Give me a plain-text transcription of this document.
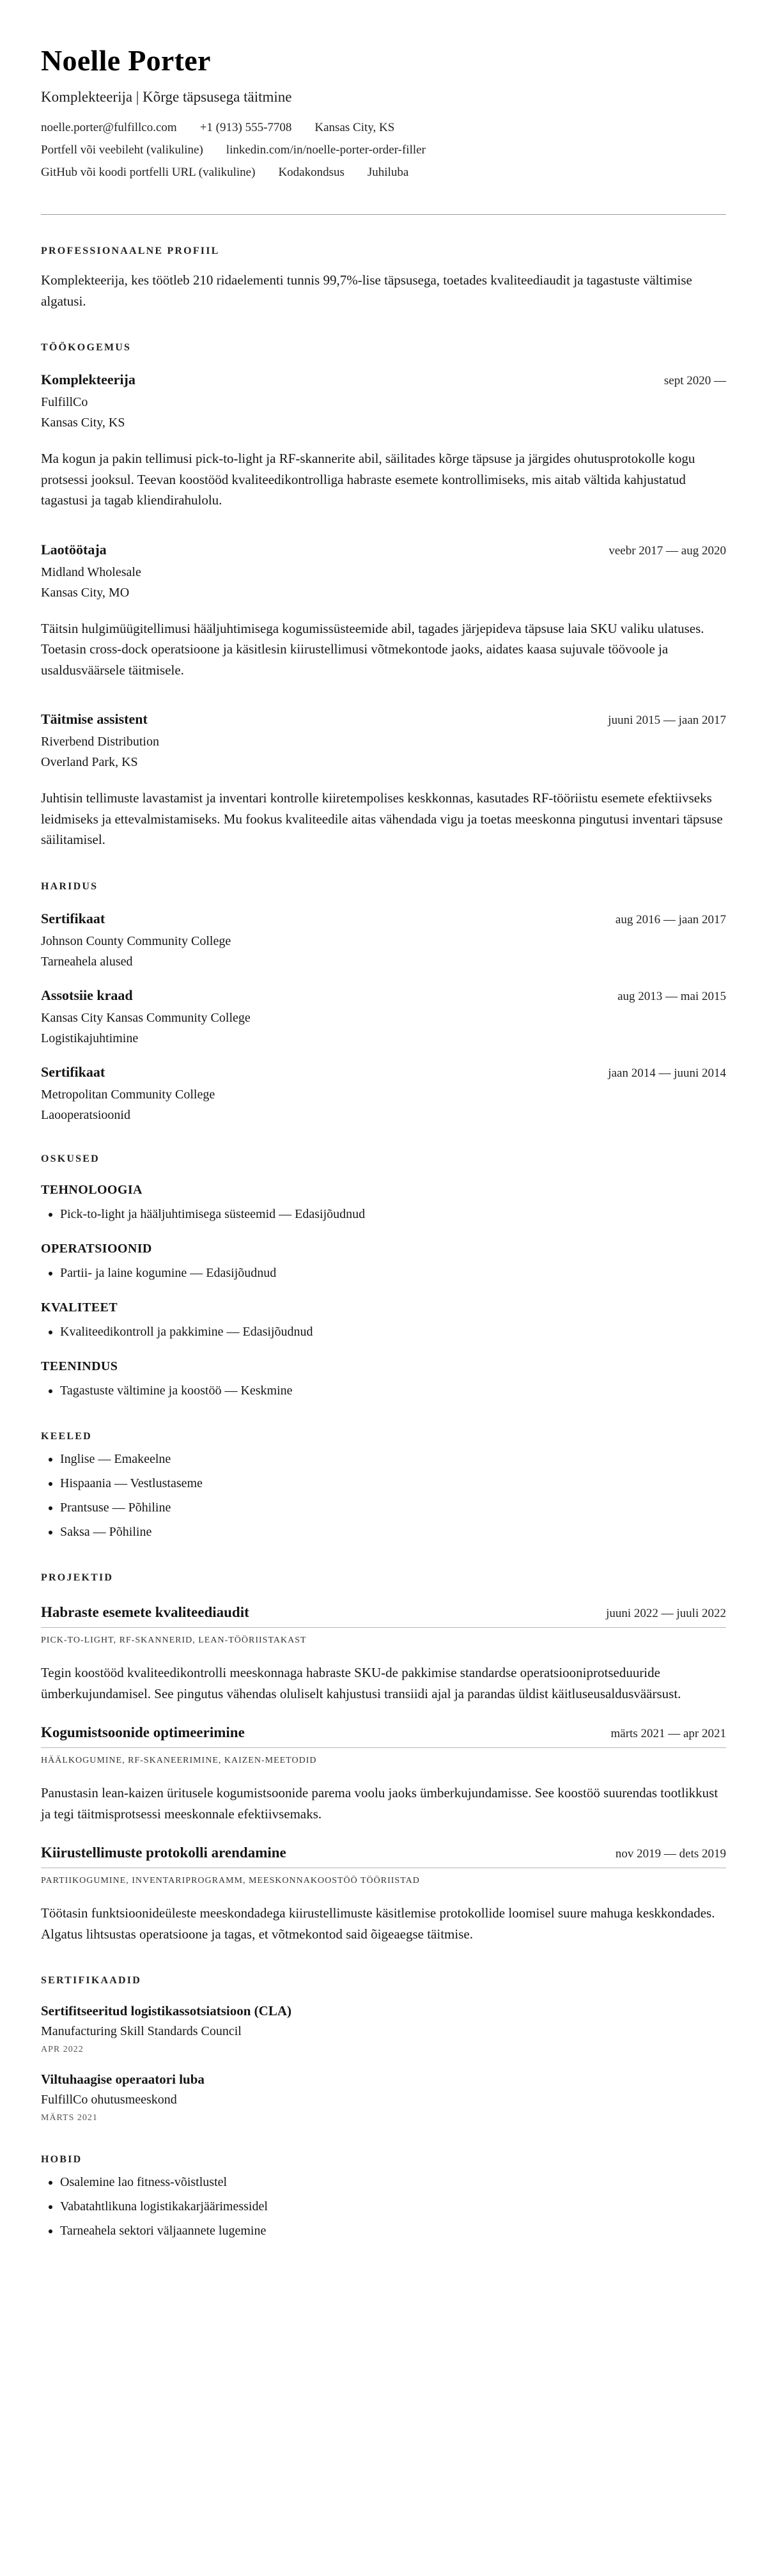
Noelle Porter
Komplekteerija | Kõrge täpsusega täitmine
noelle.porter@fulfillco.com +1 (913) 555-7708 Kansas City, KS
Portfell või veebileht (valikuline) linkedin.com/in/noelle-porter-order-filler
GitHub või koodi portfelli URL (valikuline) Kodakondsus Juhiluba
PROFESSIONAALNE PROFIIL

Komplekteerija, kes töötleb 210 ridaelementi tunnis 99,7%-lise täpsusega, toetades kvaliteediaudit ja tagastuste vältimise algatusi.

TÖÖKOGEMUS
Komplekteerija	sept 2020 —
FulfillCo
Kansas City, KS

Ma kogun ja pakin tellimusi pick-to-light ja RF-skannerite abil, säilitades kõrge täpsuse ja järgides ohutusprotokolle kogu protsessi jooksul. Teevan koostööd kvaliteedikontrolliga habraste esemete kontrollimiseks, mis aitab vältida kahjustatud tagastusi ja tagab kliendirahulolu.

Laotöötaja	veebr 2017 — aug 2020
Midland Wholesale
Kansas City, MO

Täitsin hulgimüügitellimusi hääljuhtimisega kogumissüsteemide abil, tagades järjepideva täpsuse laia SKU valiku ulatuses. Toetasin cross-dock operatsioone ja käsitlesin kiirustellimusi võtmekontode jaoks, aidates kaasa sujuvale töövoole ja usaldusväärsele täitmisele.

Täitmise assistent	juuni 2015 — jaan 2017
Riverbend Distribution
Overland Park, KS

Juhtisin tellimuste lavastamist ja inventari kontrolle kiiretempolises keskkonnas, kasutades RF-tööriistu esemete efektiivseks leidmiseks ja ettevalmistamiseks. Mu fookus kvaliteedile aitas vähendada vigu ja toetas meeskonna pingutusi inventari täpsuse säilitamisel.

HARIDUS
Sertifikaat	aug 2016 — jaan 2017
Johnson County Community College
Tarneahela alused
Assotsiie kraad	aug 2013 — mai 2015
Kansas City Kansas Community College
Logistikajuhtimine
Sertifikaat	jaan 2014 — juuni 2014
Metropolitan Community College
Laooperatsioonid
OSKUSED
TEHNOLOOGIA
• Pick-to-light ja hääljuhtimisega süsteemid — Edasijõudnud
OPERATSIOONID
• Partii- ja laine kogumine — Edasijõudnud
KVALITEET
• Kvaliteedikontroll ja pakkimine — Edasijõudnud
TEENINDUS
• Tagastuste vältimine ja koostöö — Keskmine
KEELED
• Inglise — Emakeelne
• Hispaania — Vestlustaseme
• Prantsuse — Põhiline
• Saksa — Põhiline
PROJEKTID
Habraste esemete kvaliteediaudit	juuni 2022 — juuli 2022
PICK-TO-LIGHT, RF-SKANNERID, LEAN-TÖÖRIISTAKAST

Tegin koostööd kvaliteedikontrolli meeskonnaga habraste SKU-de pakkimise standardse operatsiooniprotseduuride ümberkujundamisel. See pingutus vähendas oluliselt kahjustusi transiidi ajal ja parandas üldist käitluseusaldusväärsust.

Kogumistsoonide optimeerimine	märts 2021 — apr 2021
HÄÄLKOGUMINE, RF-SKANEERIMINE, KAIZEN-MEETODID

Panustasin lean-kaizen üritusele kogumistsoonide parema voolu jaoks ümberkujundamisse. See koostöö suurendas tootlikkust ja tegi täitmisprotsessi meeskonnale efektiivsemaks.

Kiirustellimuste protokolli arendamine	nov 2019 — dets 2019
PARTIIKOGUMINE, INVENTARIPROGRAMM, MEESKONNAKOOSTÖÖ TÖÖRIISTAD

Töötasin funktsioonideüleste meeskondadega kiirustellimuste käsitlemise protokollide loomisel suure mahuga keskkondades. Algatus lihtsustas operatsioone ja tagas, et võtmekontod said õigeaegse täitmise.

SERTIFIKAADID
Sertifitseeritud logistikassotsiatsioon (CLA)
Manufacturing Skill Standards Council
APR 2022
Viltuhaagise operaatori luba
FulfillCo ohutusmeeskond
MÄRTS 2021
HOBID
• Osalemine lao fitness-võistlustel
• Vabatahtlikuna logistikakarjäärimessidel
• Tarneahela sektori väljaannete lugemine
